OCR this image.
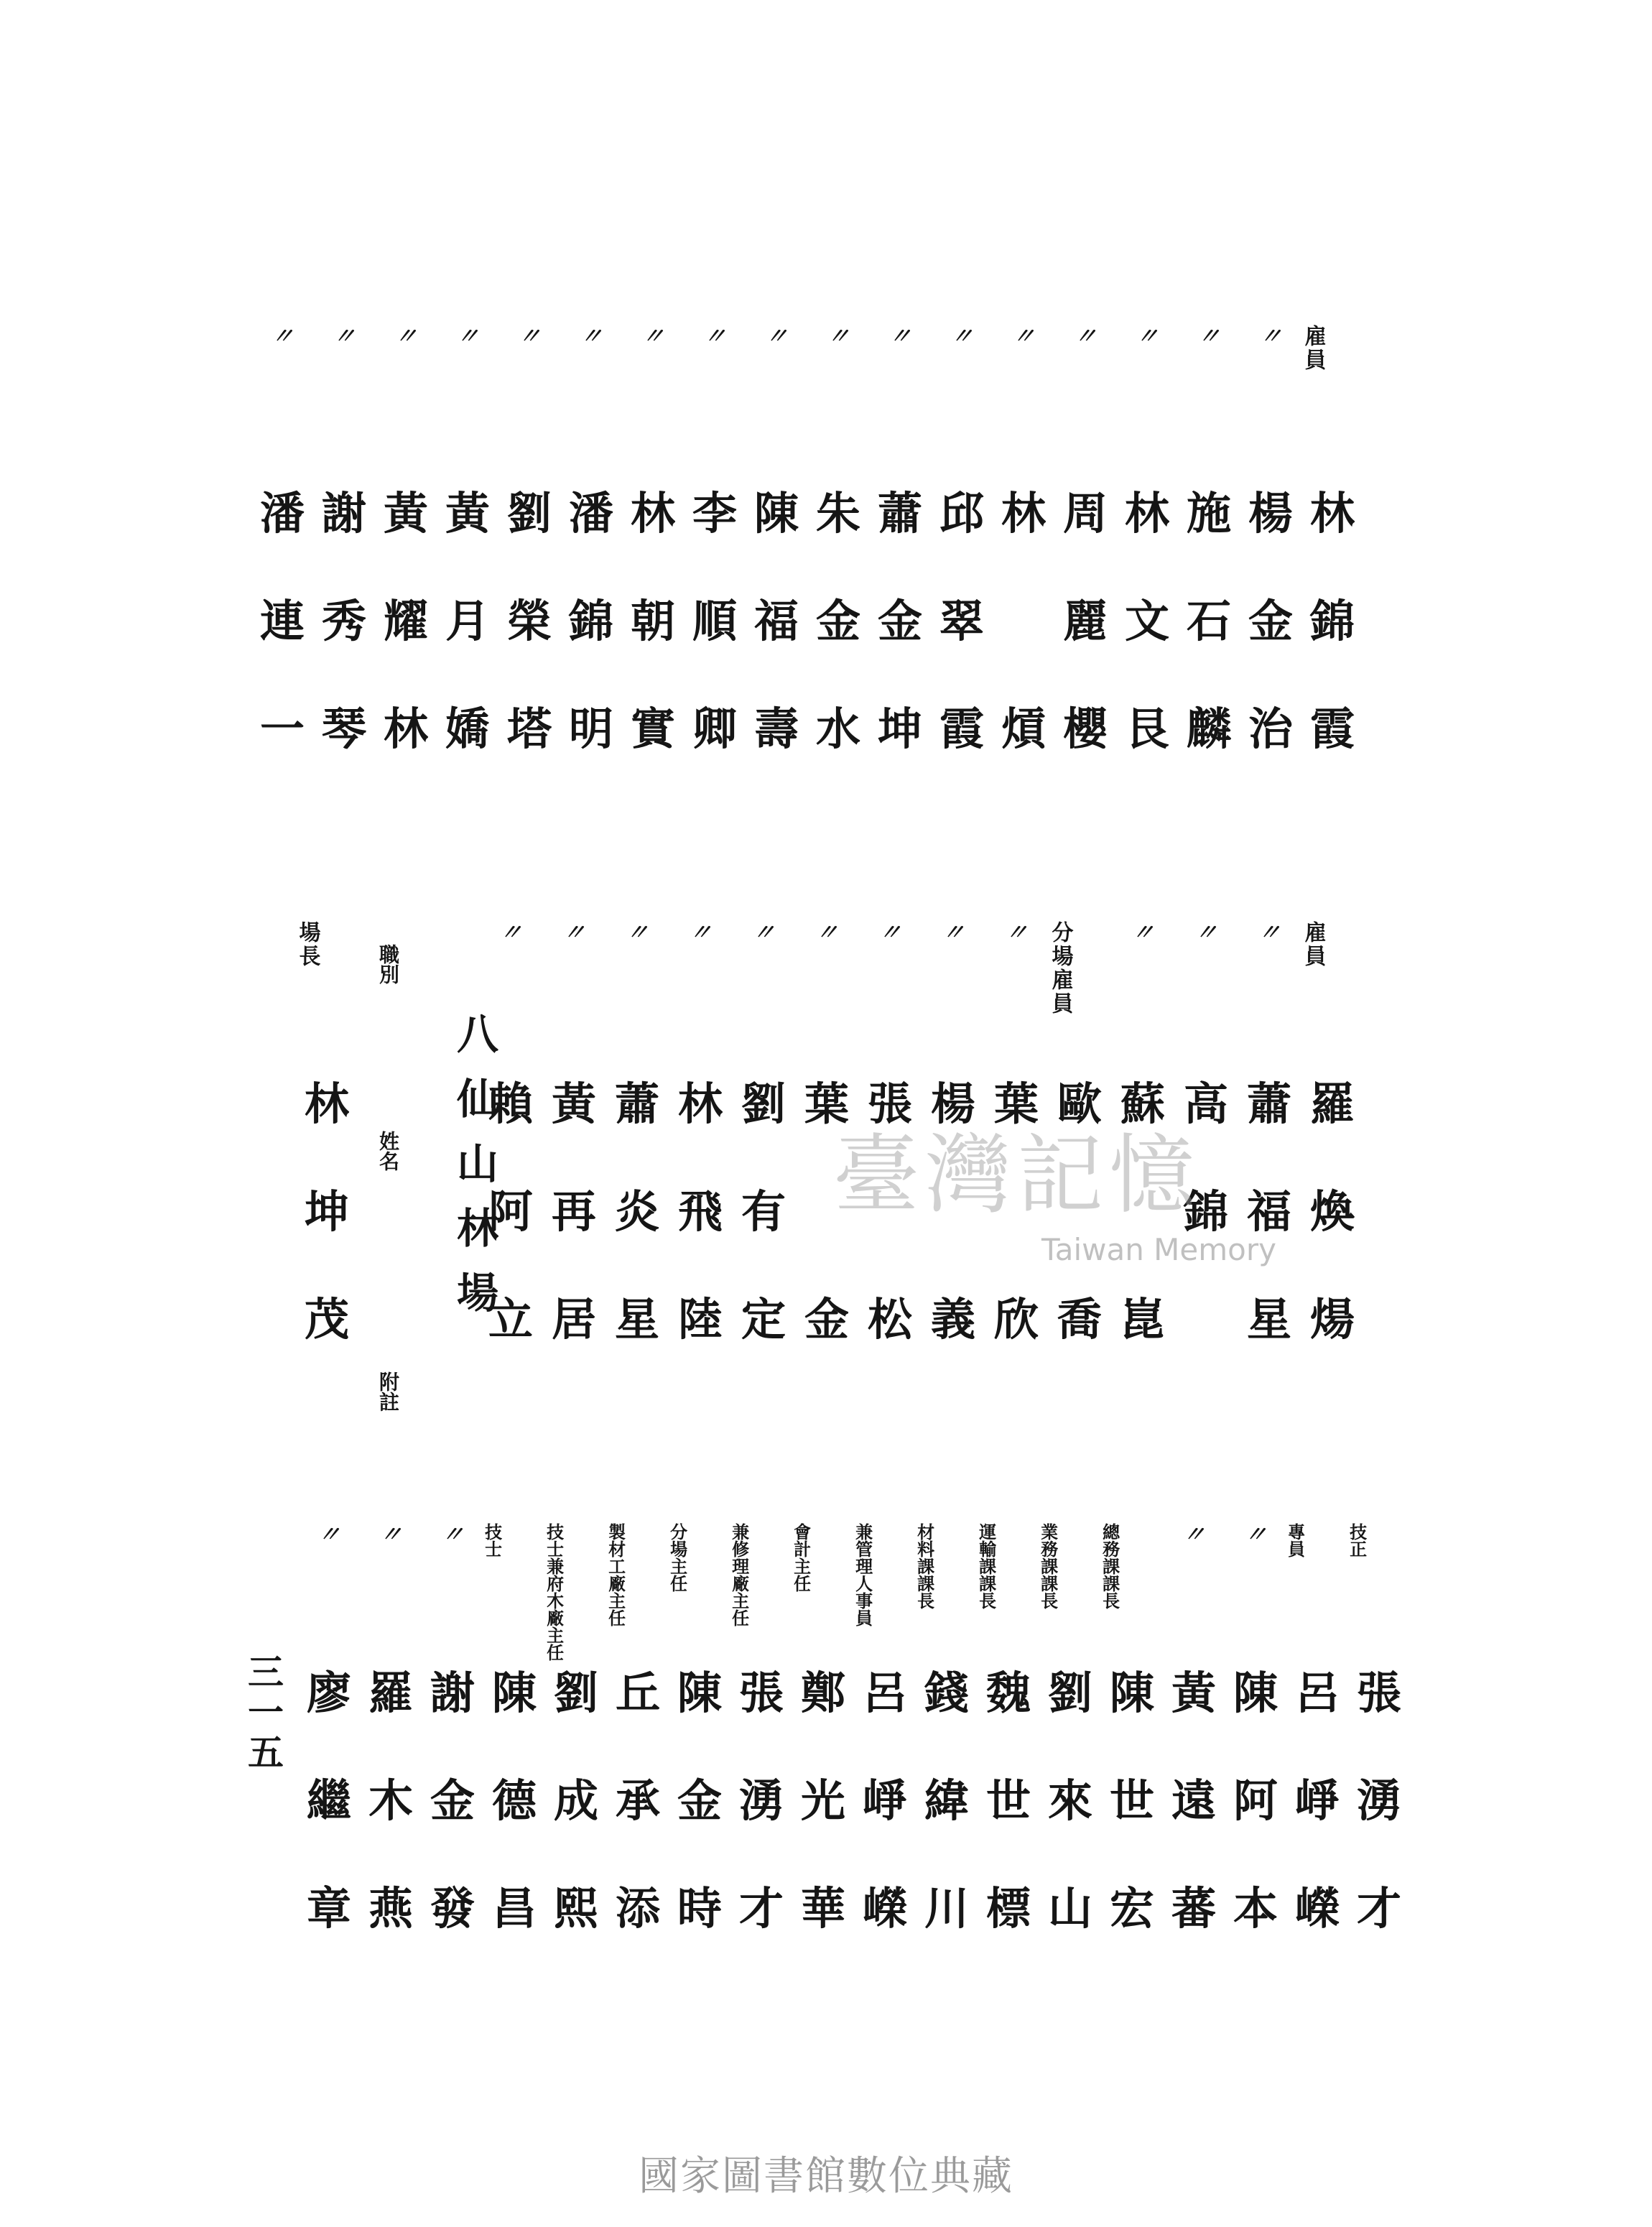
雇員
林
錦
霞
〃
楊
金
治
〃
施
石
麟
〃
林
文
艮
〃
周
麗
櫻
〃
林
熕
〃
邱
翠
霞
〃
蕭
金
坤
〃
朱
金
水
〃
陳
福
壽
〃
李
順
卿
〃
林
朝
實
〃
潘
錦
明
〃
劉
榮
塔
〃
黃
月
嬌
〃
黃
耀
林
〃
謝
秀
琴
〃
潘
連
一
雇員
羅
煥
煬
〃
蕭
福
星
〃
高
錦
〃
蘇
崑
分場雇員
歐
喬
〃
葉
欣
〃
楊
義
〃
張
松
〃
葉
金
〃
劉
有
定
〃
林
飛
陸
〃
蕭
炎
星
〃
黃
再
居
〃
賴
阿
立
技正
張
湧
才
專員
呂
崢
嶸
〃
陳
阿
本
〃
黃
遠
蕃
總務課課長
陳
世
宏
業務課課長
劉
來
山
運輸課課長
魏
世
標
材料課課長
錢
緯
川
兼管理人事員
呂
崢
嶸
會計主任
鄭
光
華
兼修理廠主任
張
湧
才
分場主任
陳
金
時
製材工廠主任
丘
承
添
技士兼府木廠主任
劉
成
熙
技士
陳
德
昌
〃
謝
金
發
〃
羅
木
燕
〃
廖
繼
章
八
仙
山
林
場
職別
姓名
附註
場長
林
坤
茂
三
一
五
臺灣記憶
Taiwan Memory
國家圖書館數位典藏
